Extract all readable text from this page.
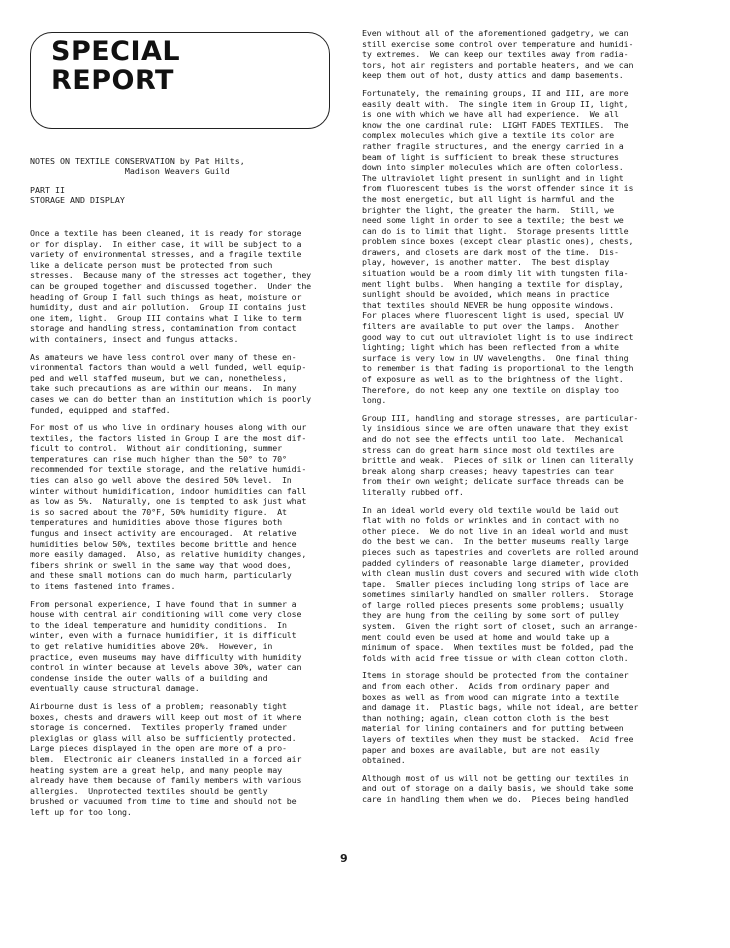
SPECIAL
REPORT
NOTES ON TEXTILE CONSERVATION by Pat Hilts,
Madison Weavers Guild
PART II
STORAGE AND DISPLAY
Once a textile has been cleaned, it is ready for storage
or for display.  In either case, it will be subject to a
variety of environmental stresses, and a fragile textile
like a delicate person must be protected from such
stresses.  Because many of the stresses act together, they
can be grouped together and discussed together.  Under the
heading of Group I fall such things as heat, moisture or
humidity, dust and air pollution.  Group II contains just
one item, light.  Group III contains what I like to term
storage and handling stress, contamination from contact
with containers, insect and fungus attacks.
As amateurs we have less control over many of these en-
vironmental factors than would a well funded, well equip-
ped and well staffed museum, but we can, nonetheless,
take such precautions as are within our means.  In many
cases we can do better than an institution which is poorly
funded, equipped and staffed.
For most of us who live in ordinary houses along with our
textiles, the factors listed in Group I are the most dif-
ficult to control.  Without air conditioning, summer
temperatures can rise much higher than the 50° to 70°
recommended for textile storage, and the relative humidi-
ties can also go well above the desired 50% level.  In
winter without humidification, indoor humidities can fall
as low as 5%.  Naturally, one is tempted to ask just what
is so sacred about the 70°F, 50% humidity figure.  At
temperatures and humidities above those figures both
fungus and insect activity are encouraged.  At relative
humidities below 50%, textiles become brittle and hence
more easily damaged.  Also, as relative humidity changes,
fibers shrink or swell in the same way that wood does,
and these small motions can do much harm, particularly
to items fastened into frames.
From personal experience, I have found that in summer a
house with central air conditioning will come very close
to the ideal temperature and humidity conditions.  In
winter, even with a furnace humidifier, it is difficult
to get relative humidities above 20%.  However, in
practice, even museums may have difficulty with humidity
control in winter because at levels above 30%, water can
condense inside the outer walls of a building and
eventually cause structural damage.
Airbourne dust is less of a problem; reasonably tight
boxes, chests and drawers will keep out most of it where
storage is concerned.  Textiles properly framed under
plexiglas or glass will also be sufficiently protected.
Large pieces displayed in the open are more of a pro-
blem.  Electronic air cleaners installed in a forced air
heating system are a great help, and many people may
already have them because of family members with various
allergies.  Unprotected textiles should be gently
brushed or vacuumed from time to time and should not be
left up for too long.
Even without all of the aforementioned gadgetry, we can
still exercise some control over temperature and humidi-
ty extremes.  We can keep our textiles away from radia-
tors, hot air registers and portable heaters, and we can
keep them out of hot, dusty attics and damp basements.
Fortunately, the remaining groups, II and III, are more
easily dealt with.  The single item in Group II, light,
is one with which we have all had experience.  We all
know the one cardinal rule:  LIGHT FADES TEXTILES.  The
complex molecules which give a textile its color are
rather fragile structures, and the energy carried in a
beam of light is sufficient to break these structures
down into simpler molecules which are often colorless.
The ultraviolet light present in sunlight and in light
from fluorescent tubes is the worst offender since it is
the most energetic, but all light is harmful and the
brighter the light, the greater the harm.  Still, we
need some light in order to see a textile; the best we
can do is to limit that light.  Storage presents little
problem since boxes (except clear plastic ones), chests,
drawers, and closets are dark most of the time.  Dis-
play, however, is another matter.  The best display
situation would be a room dimly lit with tungsten fila-
ment light bulbs.  When hanging a textile for display,
sunlight should be avoided, which means in practice
that textiles should NEVER be hung opposite windows.
For places where fluorescent light is used, special UV
filters are available to put over the lamps.  Another
good way to cut out ultraviolet light is to use indirect
lighting; light which has been reflected from a white
surface is very low in UV wavelengths.  One final thing
to remember is that fading is proportional to the length
of exposure as well as to the brightness of the light.
Therefore, do not keep any one textile on display too
long.
Group III, handling and storage stresses, are particular-
ly insidious since we are often unaware that they exist
and do not see the effects until too late.  Mechanical
stress can do great harm since most old textiles are
brittle and weak.  Pieces of silk or linen can literally
break along sharp creases; heavy tapestries can tear
from their own weight; delicate surface threads can be
literally rubbed off.
In an ideal world every old textile would be laid out
flat with no folds or wrinkles and in contact with no
other piece.  We do not live in an ideal world and must
do the best we can.  In the better museums really large
pieces such as tapestries and coverlets are rolled around
padded cylinders of reasonable large diameter, provided
with clean muslin dust covers and secured with wide cloth
tape.  Smaller pieces including long strips of lace are
sometimes similarly handled on smaller rollers.  Storage
of large rolled pieces presents some problems; usually
they are hung from the ceiling by some sort of pulley
system.  Given the right sort of closet, such an arrange-
ment could even be used at home and would take up a
minimum of space.  When textiles must be folded, pad the
folds with acid free tissue or with clean cotton cloth.
Items in storage should be protected from the container
and from each other.  Acids from ordinary paper and
boxes as well as from wood can migrate into a textile
and damage it.  Plastic bags, while not ideal, are better
than nothing; again, clean cotton cloth is the best
material for lining containers and for putting between
layers of textiles when they must be stacked.  Acid free
paper and boxes are available, but are not easily
obtained.
Although most of us will not be getting our textiles in
and out of storage on a daily basis, we should take some
care in handling them when we do.  Pieces being handled
9
